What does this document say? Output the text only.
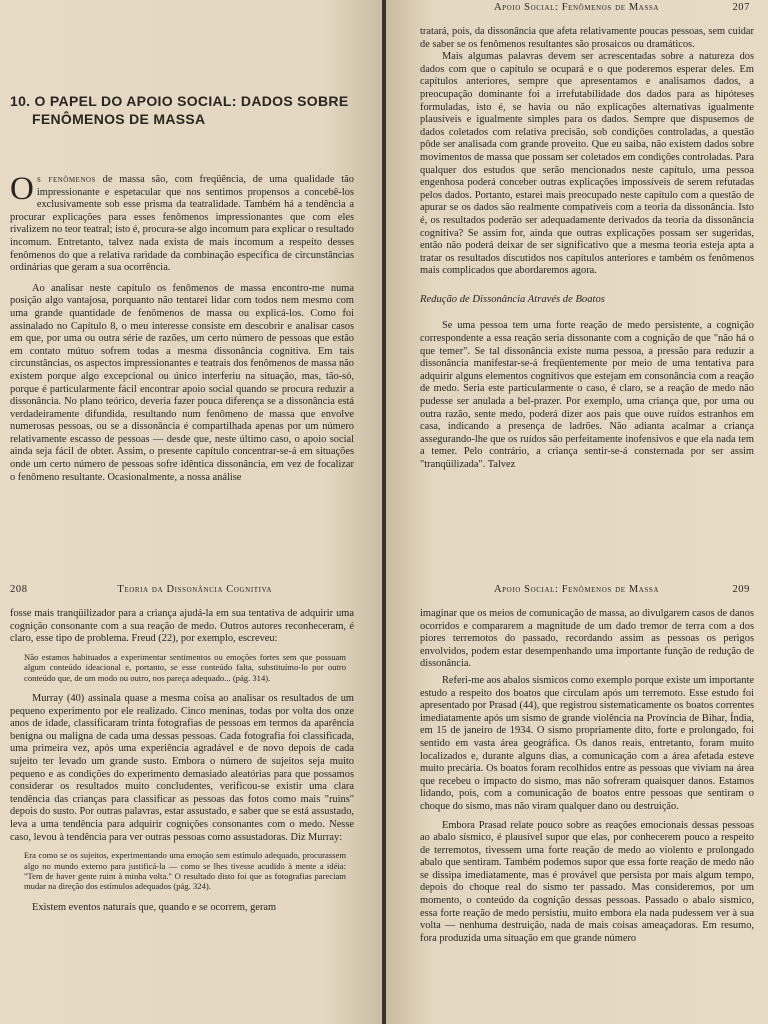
10. O PAPEL DO APOIO SOCIAL: DADOS SOBRE
FENÔMENOS DE MASSA

Os fenômenos de massa são, com freqüência, de uma qualidade tão impressionante e espetacular que nos sentimos propensos a concebê-los exclusivamente sob esse prisma da teatralidade. Também há a tendência a procurar explicações para esses fenômenos impressionantes que com eles rivalizem no teor teatral; isto é, procura-se algo incomum para explicar o resultado incomum. Entretanto, talvez nada exista de mais incomum a respeito desses fenômenos do que a relativa raridade da combinação específica de circunstâncias ordinárias que geram a sua ocorrência.

Ao analisar neste capítulo os fenômenos de massa encontro-me numa posição algo vantajosa, porquanto não tentarei lidar com todos nem mesmo com uma grande quantidade de fenômenos de massa ou explicá-los. Como foi assinalado no Capítulo 8, o meu interesse consiste em descobrir e analisar casos em que, por uma ou outra série de razões, um certo número de pessoas que estão em contato mútuo sofrem todas a mesma dissonância cognitiva. Em tais circunstâncias, os aspectos impressionantes e teatrais dos fenômenos de massa não existem porque algo excepcional ou único interferiu na situação, mas, tão-só, porque é particularmente fácil encontrar apoio social quando se procura reduzir a dissonância. No plano teórico, deveria fazer pouca diferença se a dissonância está verdadeiramente difundida, resultando num fenômeno de massa que envolve numerosas pessoas, ou se a dissonância é compartilhada apenas por um número relativamente escasso de pessoas — desde que, neste último caso, o apoio social ainda seja fácil de obter. Assim, o presente capítulo concentrar-se-á em situações onde um certo número de pessoas sofre idêntica dissonância, em vez de focalizar o fenômeno resultante. Ocasionalmente, a nossa análise

Apoio Social: Fenômenos de Massa	207

tratará, pois, da dissonância que afeta relativamente poucas pessoas, sem cuidar de saber se os fenômenos resultantes são prosaicos ou dramáticos.

Mais algumas palavras devem ser acrescentadas sobre a natureza dos dados com que o capítulo se ocupará e o que poderemos esperar deles. Em capítulos anteriores, sempre que apresentamos e analisamos dados, a preocupação dominante foi a irrefutabilidade dos dados para as hipóteses formuladas, isto é, se havia ou não explicações alternativas igualmente plausíveis e igualmente simples para os dados. Sempre que dispusemos de dados coletados com relativa precisão, sob condições controladas, a questão pôde ser analisada com grande proveito. Que eu saiba, não existem dados sobre movimentos de massa que possam ser coletados em condições controladas. Para qualquer dos estudos que serão mencionados neste capítulo, uma pessoa engenhosa poderá conceber outras explicações impossíveis de serem refutadas pelos dados. Portanto, estarei mais preocupado neste capítulo com a questão de apurar se os dados são realmente compatíveis com a teoria da dissonância. Isto é, os resultados poderão ser adequadamente derivados da teoria da dissonância cognitiva? Se assim for, ainda que outras explicações possam ser sugeridas, então não poderá deixar de ser significativo que a mesma teoria esteja apta a tratar os resultados discutidos nos capítulos anteriores e também os fenômenos mais complicados que abordaremos agora.

Redução de Dissonância Através de Boatos

Se uma pessoa tem uma forte reação de medo persistente, a cognição correspondente a essa reação seria dissonante com a cognição de que "não há o que temer". Se tal dissonância existe numa pessoa, a pressão para reduzir a dissonância manifestar-se-á freqüentemente por meio de uma tentativa para adquirir alguns elementos cognitivos que estejam em consonância com a reação de medo. Seria este particularmente o caso, é claro, se a reação de medo não pudesse ser anulada a bel-prazer. Por exemplo, uma criança que, por uma ou outra razão, sente medo, poderá dizer aos pais que ouve ruídos estranhos em casa, indicando a presença de ladrões. Não adianta acalmar a criança assegurando-lhe que os ruídos são perfeitamente inofensivos e que ela nada tem a temer. Pelo contrário, a criança sentir-se-á consternada por ser assim "tranqüilizada". Talvez

208	Teoria da Dissonância Cognitiva

fosse mais tranqüilizador para a criança ajudá-la em sua tentativa de adquirir uma cognição consonante com a sua reação de medo. Outros autores reconheceram, é claro, esse tipo de problema. Freud (22), por exemplo, escreveu:

Não estamos habituados a experimentar sentimentos ou emoções fortes sem que possuam algum conteúdo ideacional e, portanto, se esse conteúdo falta, substituímo-lo por outro conteúdo que, de um modo ou outro, nos pareça adequado... (pág. 314).

Murray (40) assinala quase a mesma coisa ao analisar os resultados de um pequeno experimento por ele realizado. Cinco meninas, todas por volta dos onze anos de idade, classificaram trinta fotografias de pessoas em termos da aparência benigna ou maligna de cada uma dessas pessoas. Cada fotografia foi classificada, uma primeira vez, após uma experiência agradável e de novo depois de cada sujeito ter levado um grande susto. Embora o número de sujeitos seja muito pequeno e as condições do experimento demasiado aleatórias para que possamos considerar os resultados muito concludentes, verificou-se existir uma clara tendência das crianças para classificar as pessoas das fotos como mais "ruins" depois do susto. Por outras palavras, estar assustado, e saber que se está assustado, leva a uma tendência para adquirir cognições consonantes com o medo. Nesse caso, levou à tendência para ver outras pessoas como assustadoras. Diz Murray:

Era como se os sujeitos, experimentando uma emoção sem estímulo adequado, procurassem algo no mundo externo para justificá-la — como se lhes tivesse acudido à mente a idéia: "Tem de haver gente ruim à minha volta." O resultado disto foi que as fotografias pareciam mudar na direção dos estímulos adequados (pág. 324).

Existem eventos naturais que, quando e se ocorrem, geram

Apoio Social: Fenômenos de Massa	209

imaginar que os meios de comunicação de massa, ao divulgarem casos de danos ocorridos e compararem a magnitude de um dado tremor de terra com a dos piores terremotos do passado, recordando assim as pessoas os perigos envolvidos, podem estar desempenhando uma importante função de redução de dissonância.

Referi-me aos abalos sísmicos como exemplo porque existe um importante estudo a respeito dos boatos que circulam após um terremoto. Esse estudo foi apresentado por Prasad (44), que registrou sistematicamente os boatos correntes imediatamente após um sismo de grande violência na Província de Bihar, Índia, em 15 de janeiro de 1934. O sismo propriamente dito, forte e prolongado, foi sentido em vasta área geográfica. Os danos reais, entretanto, foram muito localizados e, durante alguns dias, a comunicação com a área afetada esteve muito precária. Os boatos foram recolhidos entre as pessoas que viviam na área que recebeu o impacto do sismo, mas não sofreram quaisquer danos. Estamos lidando, pois, com a comunicação de boatos entre pessoas que sentiram o choque do sismo, mas não viram qualquer dano ou destruição.

Embora Prasad relate pouco sobre as reações emocionais dessas pessoas ao abalo sísmico, é plausível supor que elas, por conhecerem pouco a respeito de terremotos, tivessem uma forte reação de medo ao violento e prolongado abalo que sentiram. Também podemos supor que essa forte reação de medo não se dissipa imediatamente, mas é provável que persista por mais algum tempo, depois do choque real do sismo ter passado. Mas consideremos, por um momento, o conteúdo da cognição dessas pessoas. Passado o abalo sísmico, essa forte reação de medo persistiu, muito embora ela nada pudessem ver à sua volta — nenhuma destruição, nada de mais coisas ameaçadoras. Em resumo, fora produzida uma situação em que grande número
